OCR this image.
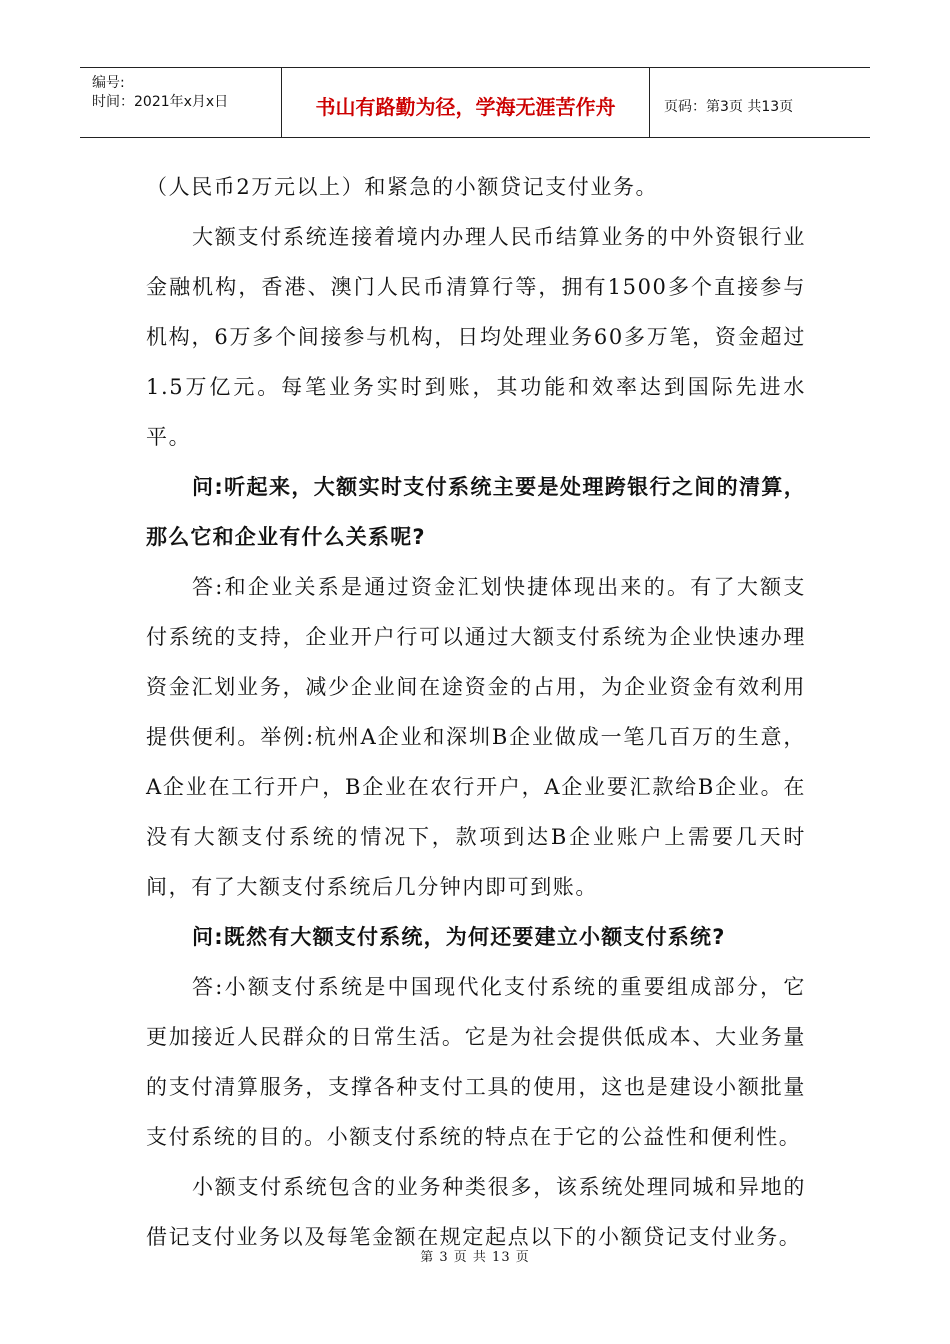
编号:
时间：2021年x月x日	书山有路勤为径，学海无涯苦作舟	页码：第3页 共13页

（人民币2万元以上）和紧急的小额贷记支付业务。

大额支付系统连接着境内办理人民币结算业务的中外资银行业金融机构，香港、澳门人民币清算行等，拥有1500多个直接参与机构，6万多个间接参与机构，日均处理业务60多万笔，资金超过1.5万亿元。每笔业务实时到账，其功能和效率达到国际先进水平。

问:听起来，大额实时支付系统主要是处理跨银行之间的清算，那么它和企业有什么关系呢?

答:和企业关系是通过资金汇划快捷体现出来的。有了大额支付系统的支持，企业开户行可以通过大额支付系统为企业快速办理资金汇划业务，减少企业间在途资金的占用，为企业资金有效利用提供便利。举例:杭州A企业和深圳B企业做成一笔几百万的生意，A企业在工行开户，B企业在农行开户，A企业要汇款给B企业。在没有大额支付系统的情况下，款项到达B企业账户上需要几天时间，有了大额支付系统后几分钟内即可到账。

问:既然有大额支付系统，为何还要建立小额支付系统?

答:小额支付系统是中国现代化支付系统的重要组成部分，它更加接近人民群众的日常生活。它是为社会提供低成本、大业务量的支付清算服务，支撑各种支付工具的使用，这也是建设小额批量支付系统的目的。小额支付系统的特点在于它的公益性和便利性。

小额支付系统包含的业务种类很多，该系统处理同城和异地的借记支付业务以及每笔金额在规定起点以下的小额贷记支付业务。

第 3 页 共 13 页
